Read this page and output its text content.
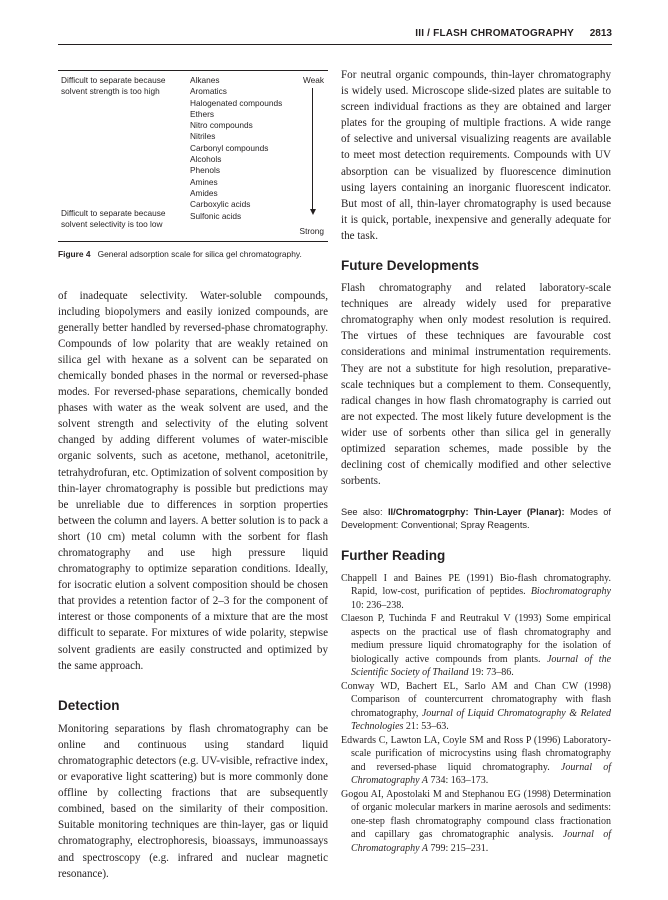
III / FLASH CHROMATOGRAPHY 2813
Difficult to separate because
solvent strength is too high
Alkanes
Aromatics
Halogenated compounds
Ethers
Nitro compounds
Nitriles
Carbonyl compounds
Alcohols
Phenols
Amines
Amides
Carboxylic acids
Sulfonic acids
Difficult to separate because
solvent selectivity is too low
Weak
Strong
Figure 4 General adsorption scale for silica gel chromatography.

of inadequate selectivity. Water-soluble compounds, including biopolymers and easily ionized compounds, are generally better handled by reversed-phase chromatography. Compounds of low polarity that are weakly retained on silica gel with hexane as a solvent can be separated on chemically bonded phases in the normal or reversed-phase modes. For reversed-phase separations, chemically bonded phases with water as the weak solvent are used, and the solvent strength and selectivity of the eluting solvent changed by adding different volumes of water-miscible organic solvents, such as acetone, methanol, acetonitrile, tetrahydrofuran, etc. Optimization of solvent composition by thin-layer chromatography is possible but predictions may be unreliable due to differences in sorption properties between the column and layers. A better solution is to pack a short (10 cm) metal column with the sorbent for flash chromatography and use high pressure liquid chromatography to optimize separation conditions. Ideally, for isocratic elution a solvent composition should be chosen that provides a retention factor of 2–3 for the component of interest or those components of a mixture that are the most difficult to separate. For mixtures of wide polarity, stepwise solvent gradients are easily constructed and optimized by the same approach.

Detection

Monitoring separations by flash chromatography can be online and continuous using standard liquid chromatographic detectors (e.g. UV-visible, refractive index, or evaporative light scattering) but is more commonly done offline by collecting fractions that are subsequently combined, based on the similarity of their composition. Suitable monitoring techniques are thin-layer, gas or liquid chromatography, electrophoresis, bioassays, immunoassays and spectroscopy (e.g. infrared and nuclear magnetic resonance).

For neutral organic compounds, thin-layer chromatography is widely used. Microscope slide-sized plates are suitable to screen individual fractions as they are obtained and larger plates for the grouping of multiple fractions. A wide range of selective and universal visualizing reagents are available to meet most detection requirements. Compounds with UV absorption can be visualized by fluorescence diminution using layers containing an inorganic fluorescent indicator. But most of all, thin-layer chromatography is used because it is quick, portable, inexpensive and generally adequate for the task.

Future Developments

Flash chromatography and related laboratory-scale techniques are already widely used for preparative chromatography when only modest resolution is required. The virtues of these techniques are favourable cost considerations and minimal instrumentation requirements. They are not a substitute for high resolution, preparative-scale techniques but a complement to them. Consequently, radical changes in how flash chromatography is carried out are not expected. The most likely future development is the wider use of sorbents other than silica gel in generally optimized separation schemes, made possible by the declining cost of chemically modified and other selective sorbents.

See also: II/Chromatogrphy: Thin-Layer (Planar): Modes of Development: Conventional; Spray Reagents.

Further Reading

Chappell I and Baines PE (1991) Bio-flash chromatography. Rapid, low-cost, purification of peptides. Biochromatography 10: 236–238.

Claeson P, Tuchinda F and Reutrakul V (1993) Some empirical aspects on the practical use of flash chromatography and medium pressure liquid chromatography for the isolation of biologically active compounds from plants. Journal of the Scientific Society of Thailand 19: 73–86.

Conway WD, Bachert EL, Sarlo AM and Chan CW (1998) Comparison of countercurrent chromatography with flash chromatography, Journal of Liquid Chromatography & Related Technologies 21: 53–63.

Edwards C, Lawton LA, Coyle SM and Ross P (1996) Laboratory-scale purification of microcystins using flash chromatography and reversed-phase liquid chromatography. Journal of Chromatography A 734: 163–173.

Gogou AI, Apostolaki M and Stephanou EG (1998) Determination of organic molecular markers in marine aerosols and sediments: one-step flash chromatography compound class fractionation and capillary gas chromatographic analysis. Journal of Chromatography A 799: 215–231.
